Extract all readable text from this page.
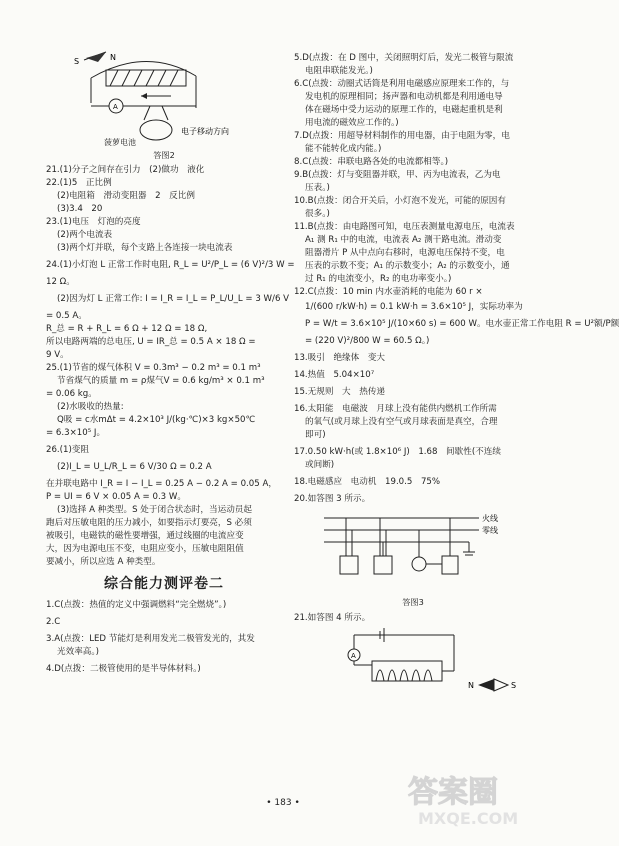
S	N
A
电子移动方向
菠萝电池
答图2
21.(1)分子之间存在引力　(2)做功　液化
22.(1)5　正比例
(2)电阻箱　滑动变阻器　2　反比例
(3)3.4　20
23.(1)电压　灯泡的亮度
(2)两个电流表
(3)两个灯并联，每个支路上各连接一块电流表
24.(1)小灯泡 L 正常工作时电阻, R_L = U²/P_L = (6 V)²/3 W =
12 Ω。
(2)因为灯 L 正常工作: I = I_R = I_L = P_L/U_L = 3 W/6 V
= 0.5 A。
R_总 = R + R_L = 6 Ω + 12 Ω = 18 Ω,
所以电路两端的总电压, U = IR_总 = 0.5 A × 18 Ω =
9 V。
25.(1)节省的煤气体积 V = 0.3m³ − 0.2 m³ = 0.1 m³
节省煤气的质量 m = ρ煤气V = 0.6 kg/m³ × 0.1 m³
= 0.06 kg。
(2)水吸收的热量:
Q吸 = c水mΔt = 4.2×10³ J/(kg·℃)×3 kg×50℃
= 6.3×10⁵ J。
26.(1)变阻
(2)I_L = U_L/R_L = 6 V/30 Ω = 0.2 A
在并联电路中 I_R = I − I_L = 0.25 A − 0.2 A = 0.05 A，
P = UI = 6 V × 0.05 A = 0.3 W。
(3)选择 A 种类型。S 处于闭合状态时，当运动员起
跑后对压敏电阻的压力减小，如要指示灯要亮，S 必须
被吸引，电磁铁的磁性要增强，通过线圈的电流应变
大，因为电源电压不变，电阻应变小，压敏电阻阻值
要减小，所以应选 A 种类型。
综合能力测评卷二
1.C(点拨：热值的定义中强调燃料“完全燃烧”。)
2.C
3.A(点拨：LED 节能灯是利用发光二极管发光的，其发
光效率高。)
4.D(点拨：二极管使用的是半导体材料。)
5.D(点拨：在 D 图中，关闭照明灯后，发光二极管与限流
电阻串联能发光。)
6.C(点拨：动圈式话筒是利用电磁感应原理来工作的，与
发电机的原理相同；扬声器和电动机都是利用通电导
体在磁场中受力运动的原理工作的，电磁起重机是利
用电流的磁效应工作的。)
7.D(点拨：用超导材料制作的用电器，由于电阻为零，电
能不能转化成内能。)
8.C(点拨：串联电路各处的电流都相等。)
9.B(点拨：灯与变阻器并联，甲、丙为电流表，乙为电
压表。)
10.B(点拨：闭合开关后，小灯泡不发光，可能的原因有
很多。)
11.B(点拨：由电路图可知，电压表测量电源电压，电流表
A₁ 测 R₁ 中的电流，电流表 A₂ 测干路电流。滑动变
阻器滑片 P 从中点向右移时，电源电压保持不变，电
压表的示数不变；A₁ 的示数变小；A₂ 的示数变小，通
过 R₁ 的电流变小，R₂ 的电功率变小。)
12.C(点拨：10 min 内水壶消耗的电能为 60 r ×
1/(600 r/kW·h) = 0.1 kW·h = 3.6×10⁵ J，实际功率为
P = W/t = 3.6×10⁵ J/(10×60 s) = 600 W。电水壶正常工作电阻 R = U²额/P额
= (220 V)²/800 W = 60.5 Ω。)
13.吸引　绝缘体　变大
14.热值　5.04×10⁷
15.无规则　大　热传递
16.太阳能　电磁波　月球上没有能供内燃机工作所需
的氧气(或月球上没有空气或月球表面是真空，合理
即可)
17.0.50 kW·h(或 1.8×10⁶ J)　1.68　间歇性(不连续
或间断)
18.电磁感应　电动机　19.0.5　75%
20.如答图 3 所示。
火线
零线
答图3
21.如答图 4 所示。
A
N	S
• 183 •	答案圈
MXQE.COM
